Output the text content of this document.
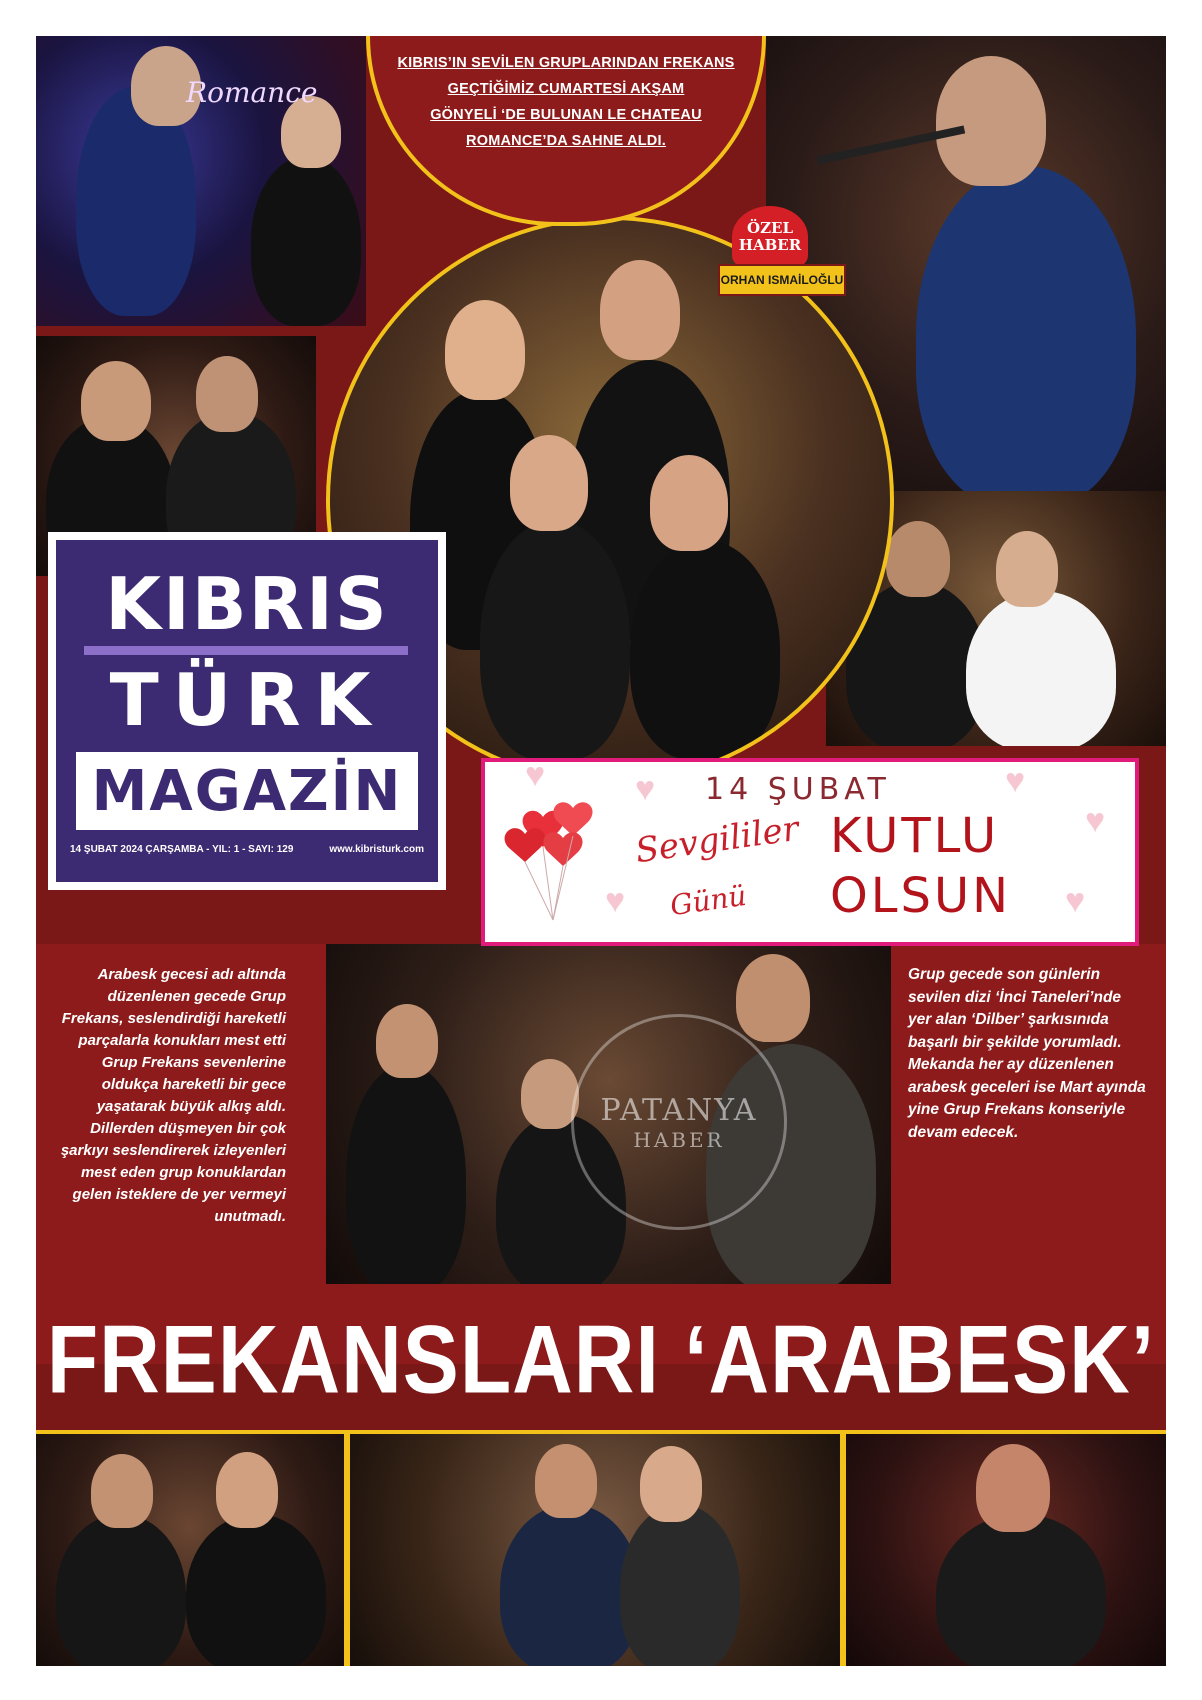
Romance
KIBRIS’IN SEVİLEN GRUPLARINDAN FREKANS
GEÇTİĞİMİZ CUMARTESİ AKŞAM
GÖNYELİ ‘DE BULUNAN LE CHATEAU
ROMANCE’DA SAHNE ALDI.
ÖZEL
HABER
ORHAN ISMAİLOĞLU
KIBRIS
TÜRK
MAGAZİN
14 ŞUBAT 2024 ÇARŞAMBA - YIL: 1 - SAYI: 129	www.kibristurk.com
♥	♥	♥
♥
♥
♥
14 ŞUBAT
Sevgililer
Günü
KUTLU
OLSUN
Arabesk gecesi adı altında düzenlenen gecede Grup Frekans, seslendirdiği hareketli parçalarla konukları mest etti Grup Frekans sevenlerine oldukça hareketli bir gece yaşatarak büyük alkış aldı. Dillerden düşmeyen bir çok şarkıyı seslendirerek izleyenleri mest eden grup konuklardan gelen isteklere de yer vermeyi unutmadı.
PATANYA
HABER
Grup gecede son günlerin sevilen dizi ‘İnci Taneleri’nde yer alan ‘Dilber’ şarkısınıda başarlı bir şekilde yorumladı. Mekanda her ay düzenlenen arabesk geceleri ise Mart ayında yine Grup Frekans konseriyle devam edecek.
FREKANSLARI ‘ARABESK’
